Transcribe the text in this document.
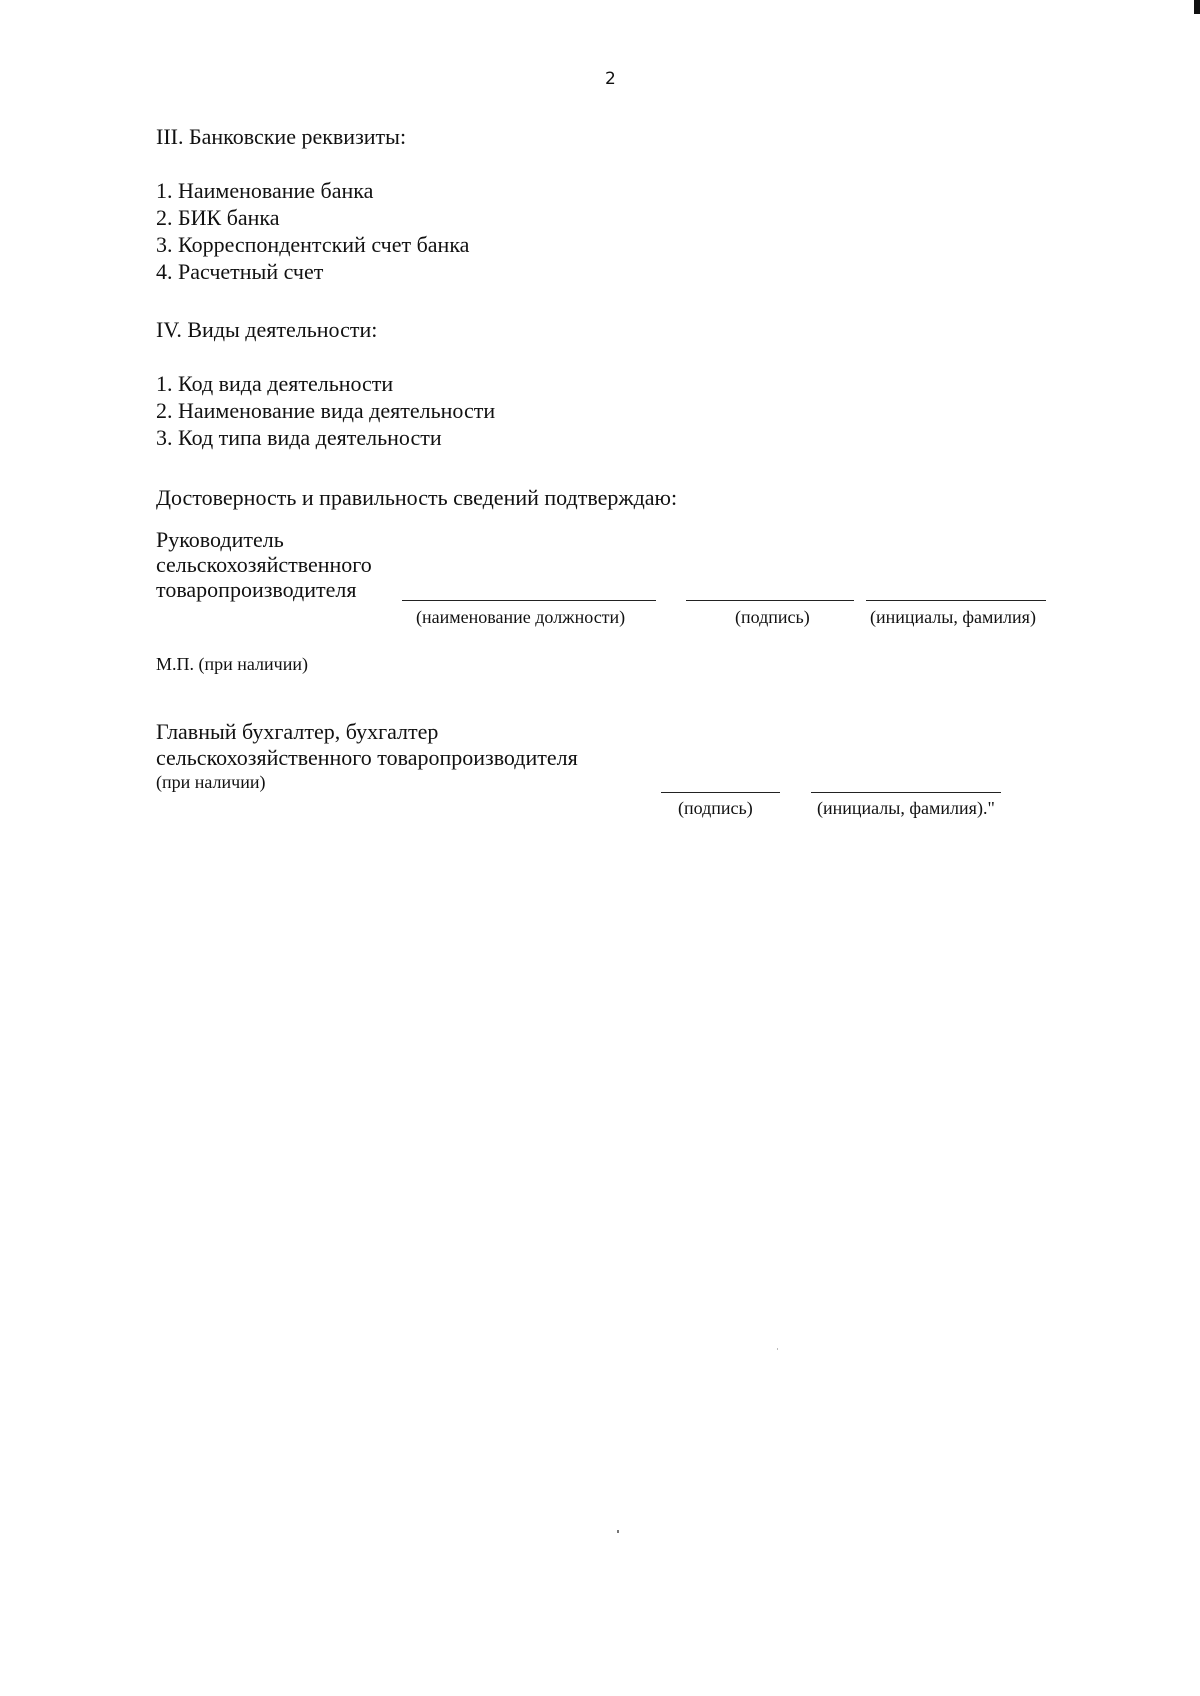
2
III. Банковские реквизиты:
1. Наименование банка
2. БИК банка
3. Корреспондентский счет банка
4. Расчетный счет
IV. Виды деятельности:
1. Код вида деятельности
2. Наименование вида деятельности
3. Код типа вида деятельности
Достоверность и правильность сведений подтверждаю:
Руководитель
сельскохозяйственного
товаропроизводителя
(наименование должности)	(подпись)	(инициалы, фамилия)
М.П. (при наличии)
Главный бухгалтер, бухгалтер
сельскохозяйственного товаропроизводителя
(при наличии)
(подпись)	(инициалы, фамилия)."
